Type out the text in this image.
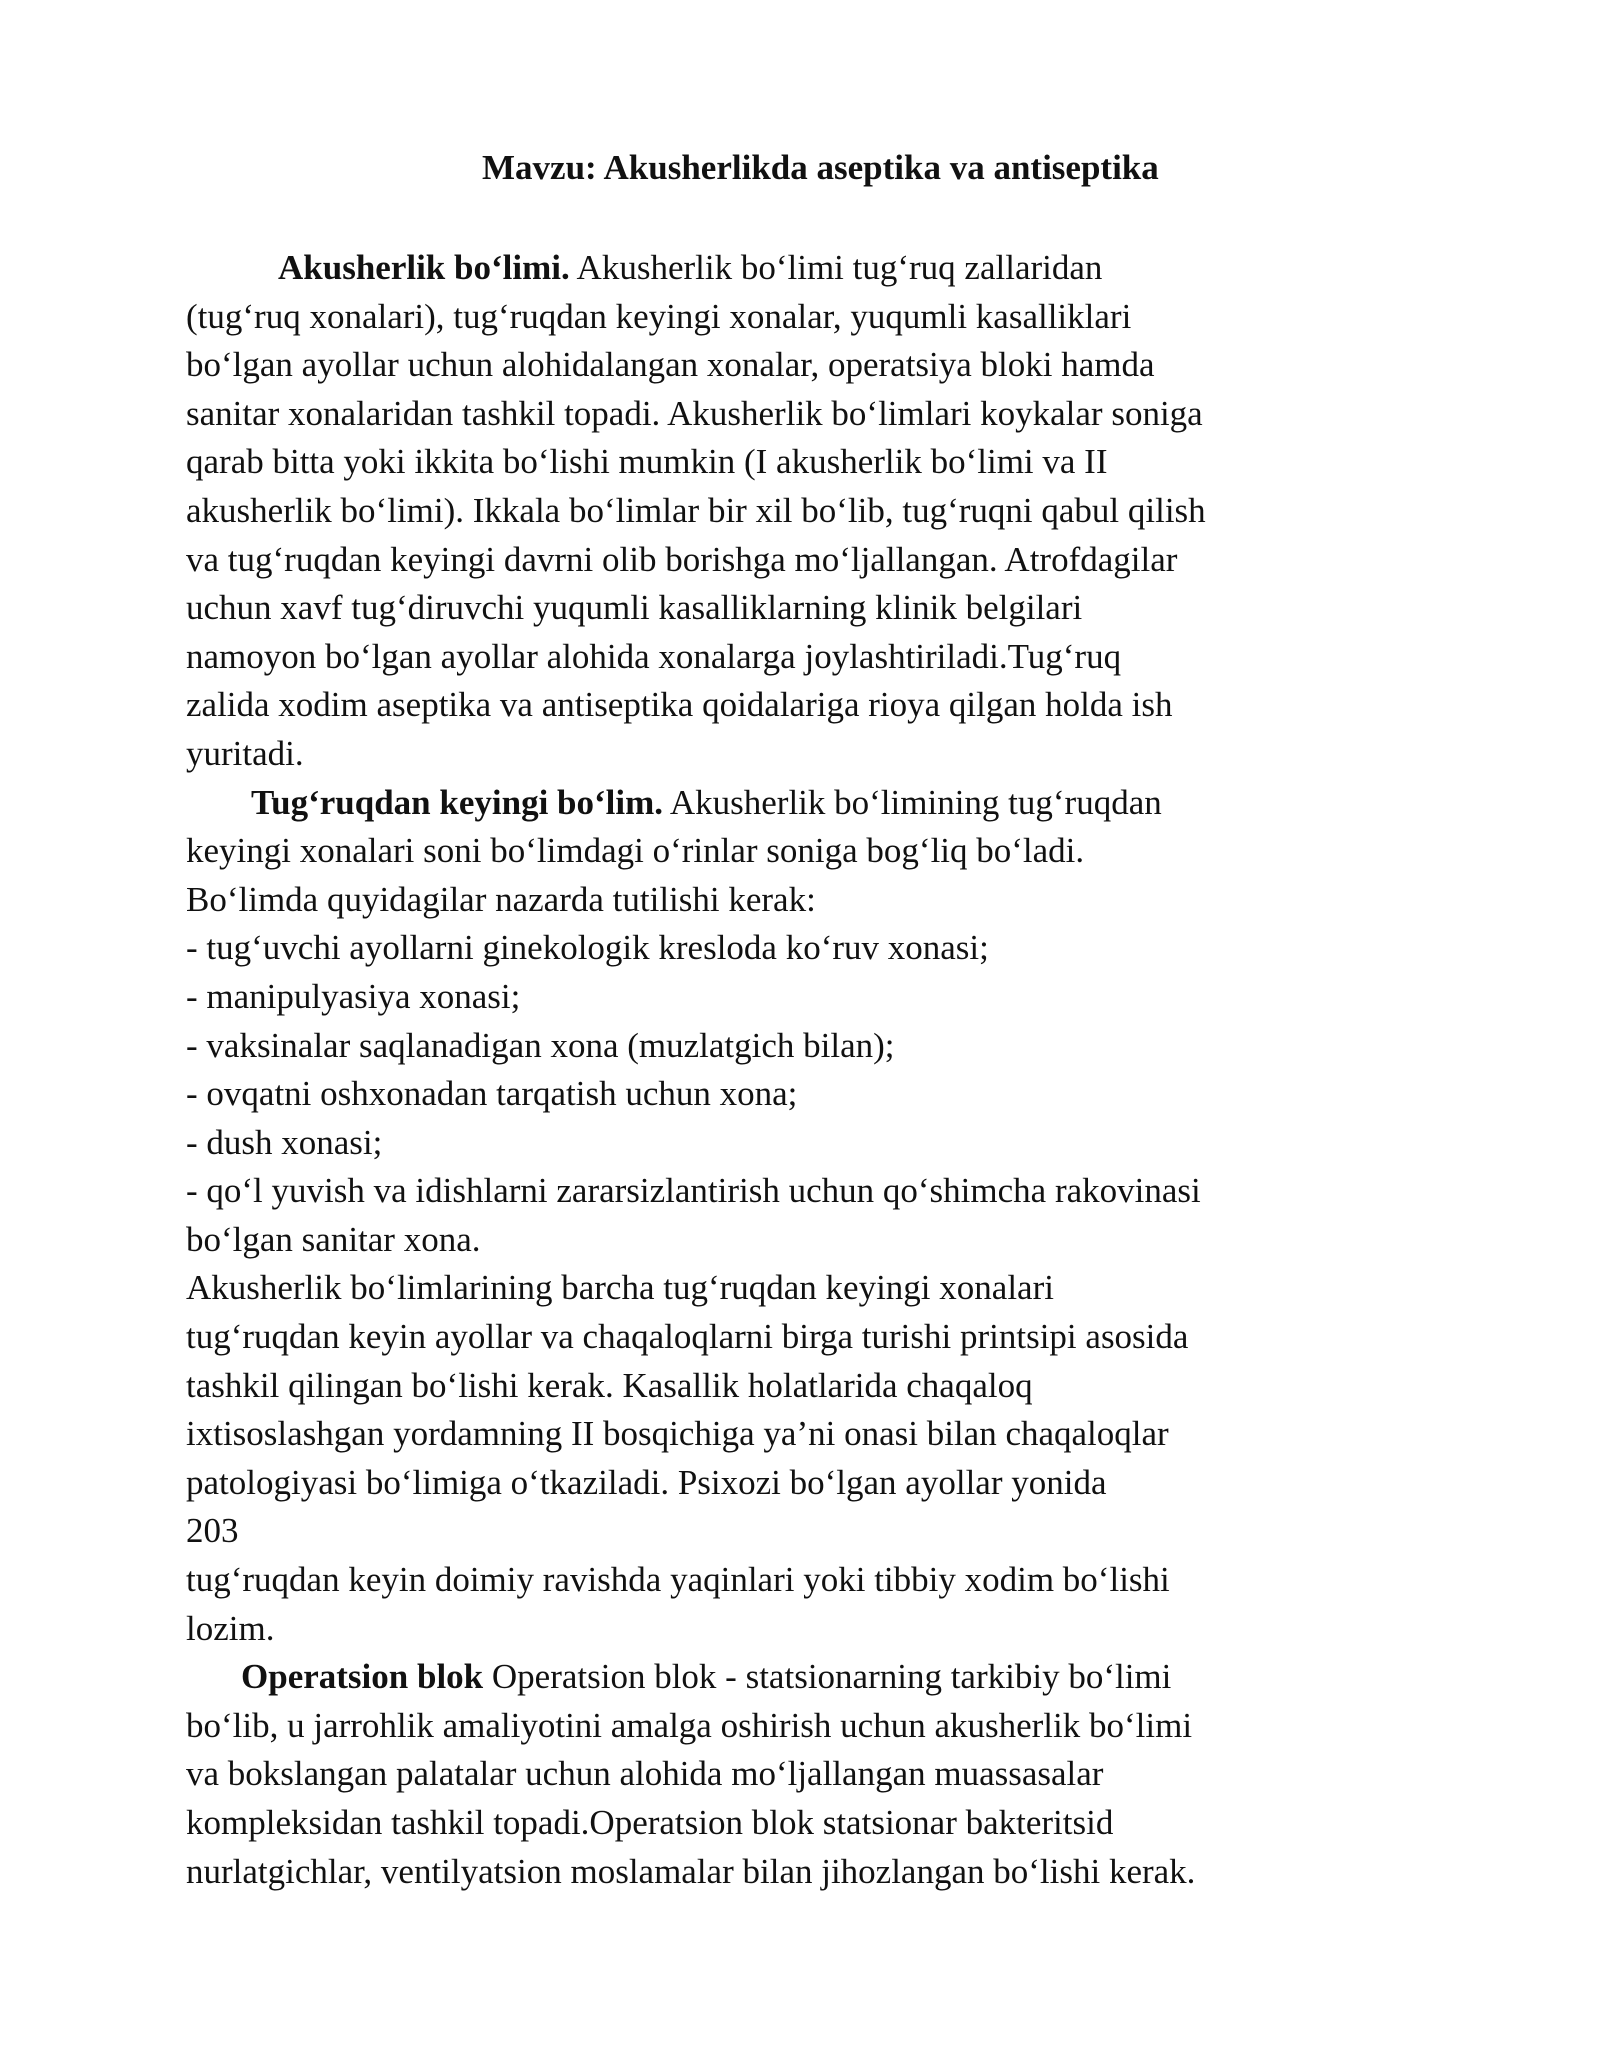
Mavzu: Akusherlikda aseptika va antiseptika
Akusherlik bo‘limi. Akusherlik bo‘limi tug‘ruq zallaridan
(tug‘ruq xonalari), tug‘ruqdan keyingi xonalar, yuqumli kasalliklari
bo‘lgan ayollar uchun alohidalangan xonalar, operatsiya bloki hamda
sanitar xonalaridan tashkil topadi. Akusherlik bo‘limlari koykalar soniga
qarab bitta yoki ikkita bo‘lishi mumkin (I akusherlik bo‘limi va II
akusherlik bo‘limi). Ikkala bo‘limlar bir xil bo‘lib, tug‘ruqni qabul qilish
va tug‘ruqdan keyingi davrni olib borishga mo‘ljallangan. Atrofdagilar
uchun xavf tug‘diruvchi yuqumli kasalliklarning klinik belgilari
namoyon bo‘lgan ayollar alohida xonalarga joylashtiriladi.Tug‘ruq
zalida xodim aseptika va antiseptika qoidalariga rioya qilgan holda ish
yuritadi.
Tug‘ruqdan keyingi bo‘lim. Akusherlik bo‘limining tug‘ruqdan
keyingi xonalari soni bo‘limdagi o‘rinlar soniga bog‘liq bo‘ladi.
Bo‘limda quyidagilar nazarda tutilishi kerak:
- tug‘uvchi ayollarni ginekologik kresloda ko‘ruv xonasi;
- manipulyasiya xonasi;
- vaksinalar saqlanadigan xona (muzlatgich bilan);
- ovqatni oshxonadan tarqatish uchun xona;
- dush xonasi;
- qo‘l yuvish va idishlarni zararsizlantirish uchun qo‘shimcha rakovinasi
bo‘lgan sanitar xona.
Akusherlik bo‘limlarining barcha tug‘ruqdan keyingi xonalari
tug‘ruqdan keyin ayollar va chaqaloqlarni birga turishi printsipi asosida
tashkil qilingan bo‘lishi kerak. Kasallik holatlarida chaqaloq
ixtisoslashgan yordamning II bosqichiga ya’ni onasi bilan chaqaloqlar
patologiyasi bo‘limiga o‘tkaziladi. Psixozi bo‘lgan ayollar yonida
203
tug‘ruqdan keyin doimiy ravishda yaqinlari yoki tibbiy xodim bo‘lishi
lozim.
Operatsion blok Operatsion blok - statsionarning tarkibiy bo‘limi
bo‘lib, u jarrohlik amaliyotini amalga oshirish uchun akusherlik bo‘limi
va bokslangan palatalar uchun alohida mo‘ljallangan muassasalar
kompleksidan tashkil topadi.Operatsion blok statsionar bakteritsid
nurlatgichlar, ventilyatsion moslamalar bilan jihozlangan bo‘lishi kerak.
